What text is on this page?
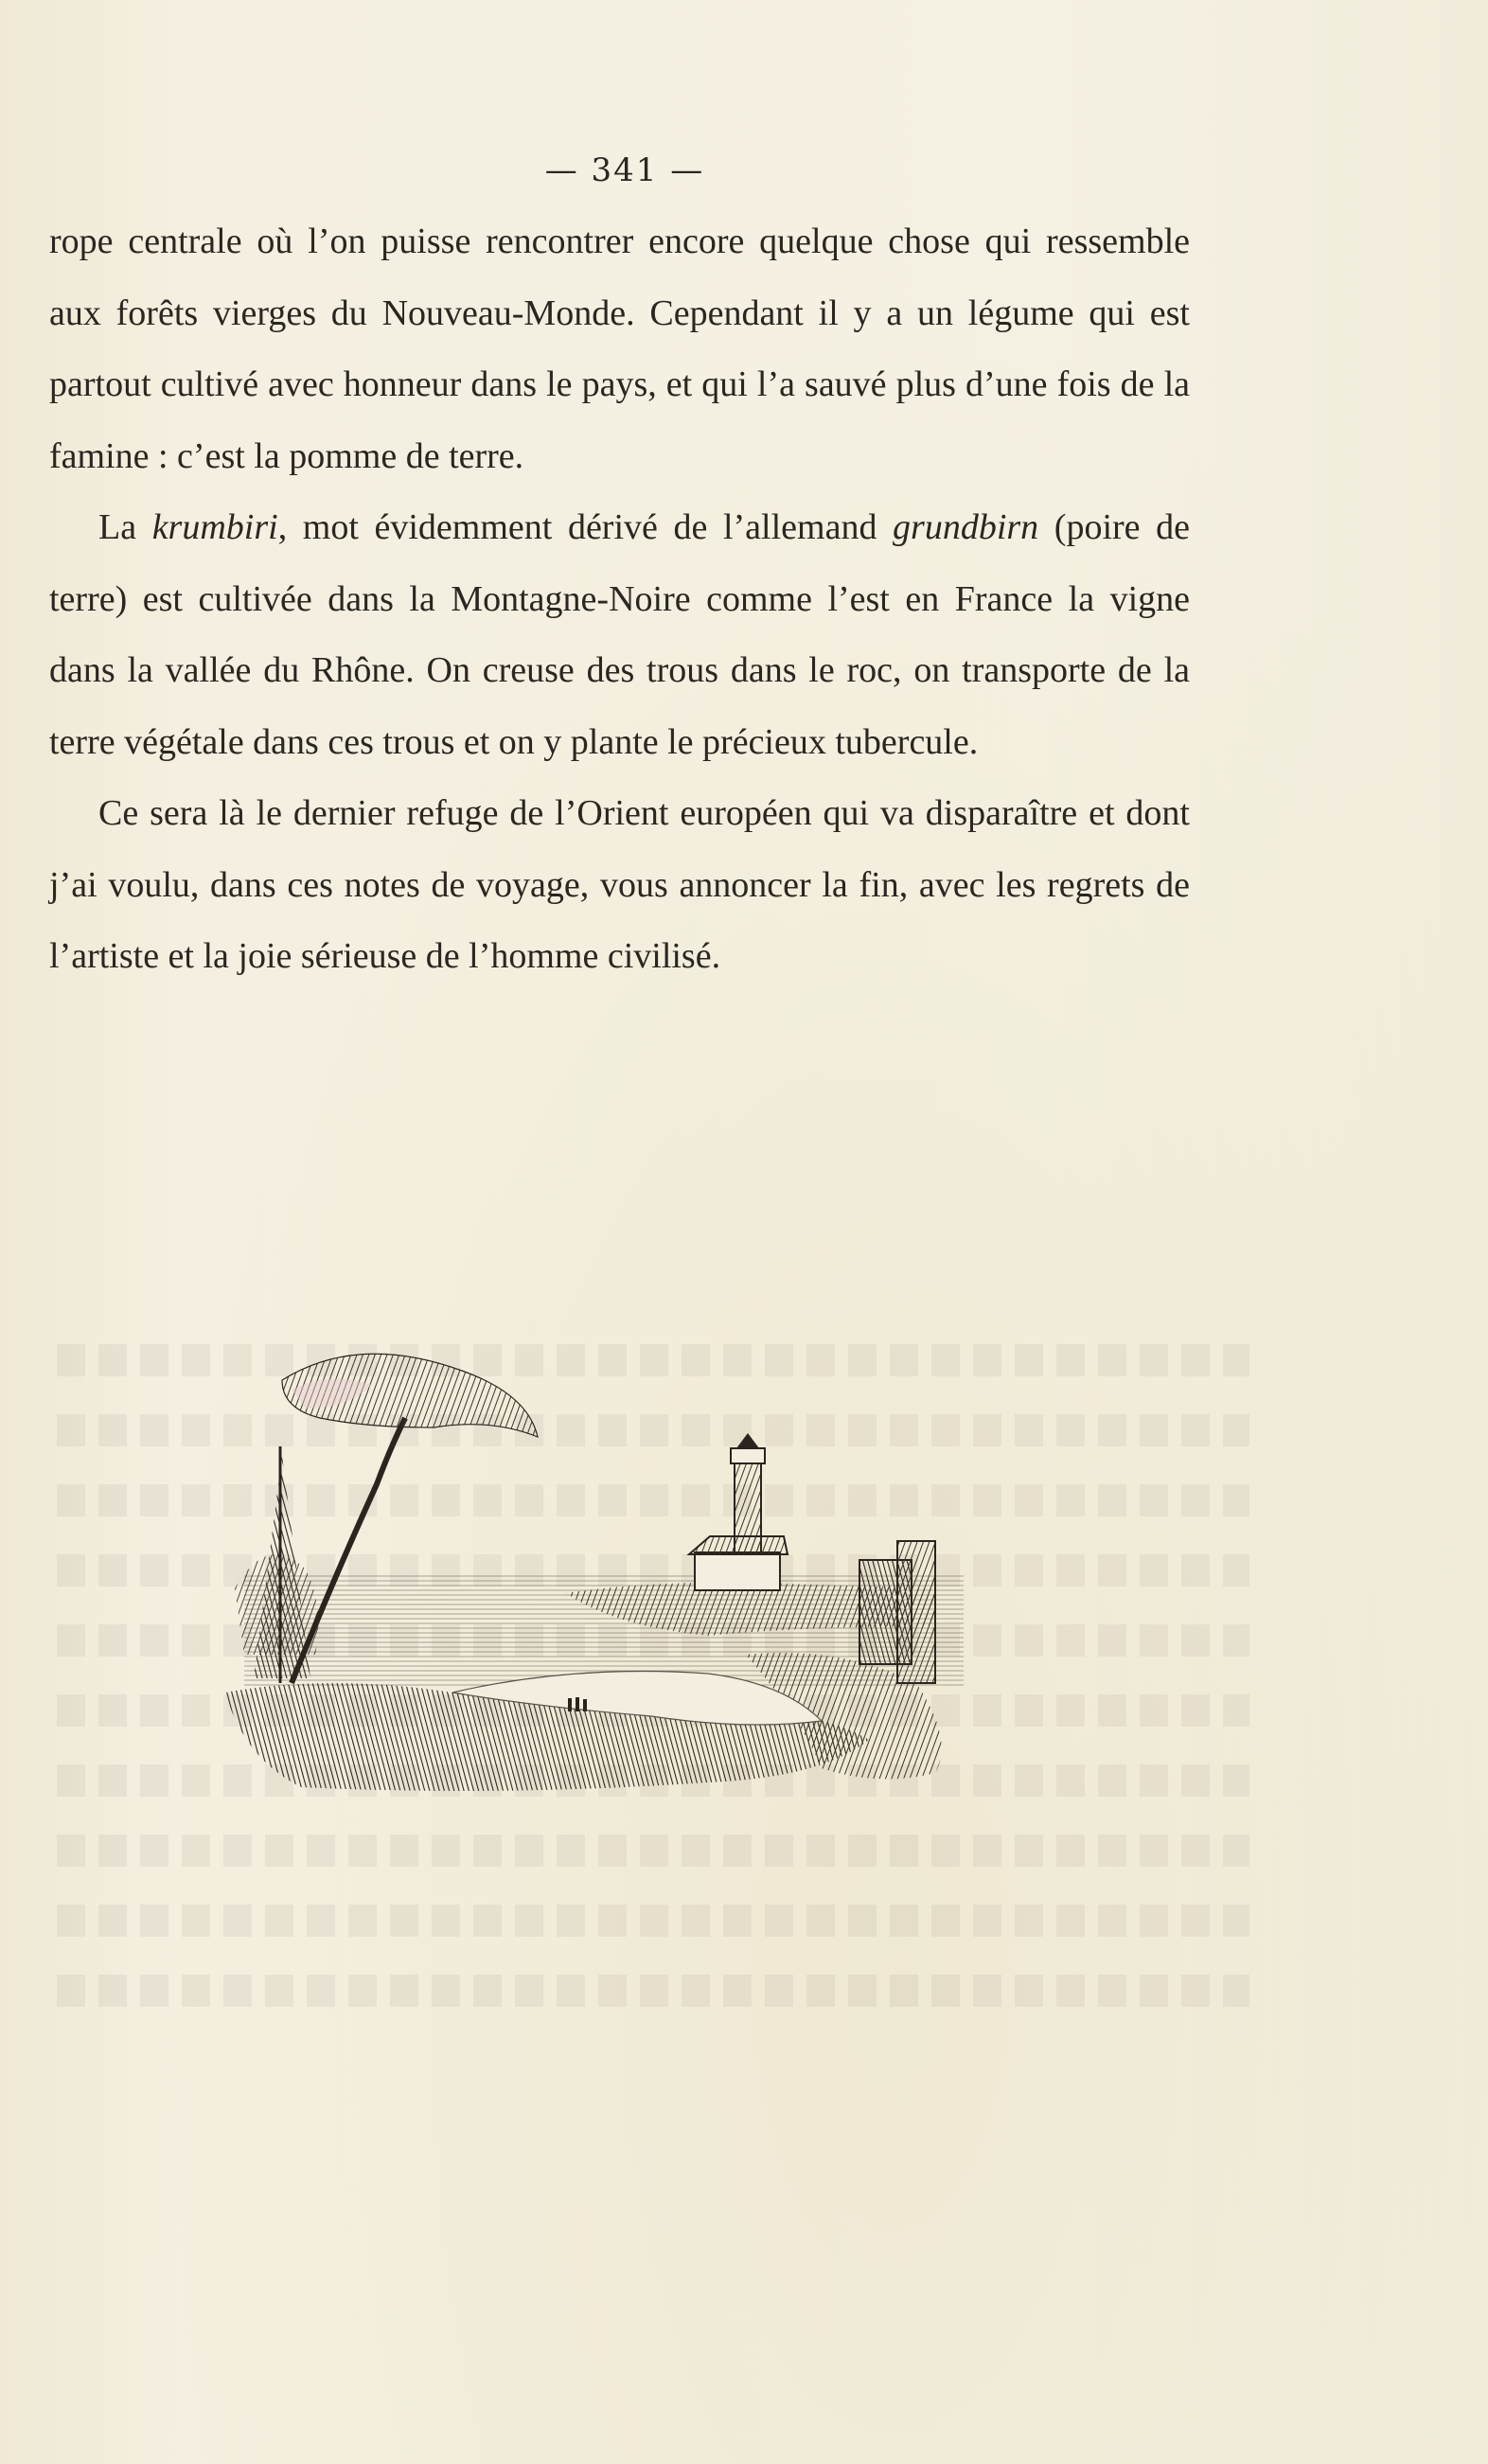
— 341 —

rope centrale où l’on puisse rencontrer encore quelque chose qui ressemble aux forêts vierges du Nouveau-Monde. Cependant il y a un légume qui est partout cultivé avec honneur dans le pays, et qui l’a sauvé plus d’une fois de la famine : c’est la pomme de terre.

La krumbiri, mot évidemment dérivé de l’allemand grundbirn (poire de terre) est cultivée dans la Montagne-Noire comme l’est en France la vigne dans la vallée du Rhône. On creuse des trous dans le roc, on transporte de la terre végétale dans ces trous et on y plante le précieux tubercule.

Ce sera là le dernier refuge de l’Orient européen qui va disparaître et dont j’ai voulu, dans ces notes de voyage, vous annoncer la fin, avec les regrets de l’artiste et la joie sérieuse de l’homme civilisé.
